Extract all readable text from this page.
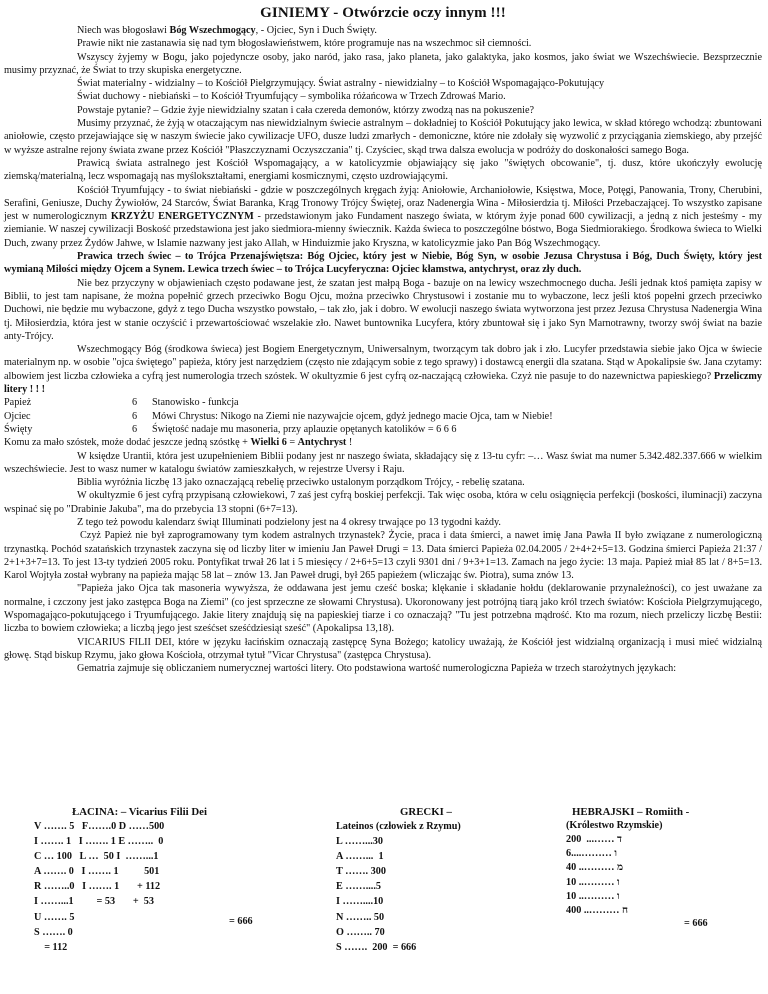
GINIEMY - Otwórzcie oczy innym !!!

Niech was błogosławi Bóg Wszechmogący, - Ojciec, Syn i Duch Święty.

Prawie nikt nie zastanawia się nad tym błogosławieństwem, które programuje nas na wszechmoc sił ciemności.

Wszyscy żyjemy w Bogu, jako pojedyncze osoby, jako naród, jako rasa, jako planeta, jako galaktyka, jako kosmos, jako świat we Wszechświecie. Bezsprzecznie musimy przyznać, że Świat to trzy skupiska energetyczne.

Świat materialny - widzialny – to Kościół Pielgrzymujący. Świat astralny - niewidzialny – to Kościół Wspomagająco-Pokutujący

Świat duchowy - niebiański – to Kościół Tryumfujący – symbolika różańcowa w Trzech Zdrowaś Mario.

Powstaje pytanie? – Gdzie żyje niewidzialny szatan i cała czereda demonów, którzy zwodzą nas na pokuszenie?

Musimy przyznać, że żyją w otaczającym nas niewidzialnym świecie astralnym – dokładniej to Kościół Pokutujący jako lewica, w skład którego wchodzą: zbuntowani aniołowie, często przejawiające się w naszym świecie jako cywilizacje UFO, dusze ludzi zmarłych - demoniczne, które nie zdołały się wyzwolić z przyciągania ziemskiego, aby przejść w wyższe astralne rejony świata zwane przez Kościół "Płaszczyznami Oczyszczania" tj. Czyściec, skąd trwa dalsza ewolucja w podróży do doskonałości samego Boga.

Prawicą świata astralnego jest Kościół Wspomagający, a w katolicyzmie objawiający się jako "świętych obcowanie", tj. dusz, które ukończyły ewolucję ziemską/materialną, lecz wspomagają nas myślokształtami, energiami kosmicznymi, często uzdrowiającymi.

Kościół Tryumfujący - to świat niebiański - gdzie w poszczególnych kręgach żyją: Aniołowie, Archaniołowie, Księstwa, Moce, Potęgi, Panowania, Trony, Cherubini, Serafini, Geniusze, Duchy Żywiołów, 24 Starców, Świat Baranka, Krąg Tronowy Trójcy Świętej, oraz Nadenergia Wina - Miłosierdzia tj. Miłości Przebaczającej. To wszystko zapisane jest w numerologicznym KRZYŻU ENERGETYCZNYM - przedstawionym jako Fundament naszego świata, w którym żyje ponad 600 cywilizacji, a jedną z nich jesteśmy - my ziemianie. W naszej cywilizacji Boskość przedstawiona jest jako siedmiora-mienny świecznik. Każda świeca to poszczególne bóstwo, Boga Siedmiorakiego. Środkowa świeca to Wielki Duch, zwany przez Żydów Jahwe, w Islamie nazwany jest jako Allah, w Hinduizmie jako Kryszna, w katolicyzmie jako Pan Bóg Wszechmogący.

Prawica trzech świec – to Trójca Przenajświętsza: Bóg Ojciec, który jest w Niebie, Bóg Syn, w osobie Jezusa Chrystusa i Bóg, Duch Święty, który jest wymianą Miłości między Ojcem a Synem. Lewica trzech świec – to Trójca Lucyferyczna: Ojciec kłamstwa, antychryst, oraz zły duch.

Nie bez przyczyny w objawieniach często podawane jest, że szatan jest małpą Boga - bazuje on na lewicy wszechmocnego ducha. Jeśli jednak ktoś pamięta zapisy w Biblii, to jest tam napisane, że można popełnić grzech przeciwko Bogu Ojcu, można przeciwko Chrystusowi i zostanie mu to wybaczone, lecz jeśli ktoś popełni grzech przeciwko Duchowi, nie będzie mu wybaczone, gdyż z tego Ducha wszystko powstało, – tak zło, jak i dobro. W ewolucji naszego świata wytworzona jest przez Jezusa Chrystusa Nadenergia Wina tj. Miłosierdzia, która jest w stanie oczyścić i przewartościować wszelakie zło. Nawet buntownika Lucyfera, który zbuntował się i jako Syn Marnotrawny, tworzy swój świat na bazie anty-Trójcy.

Wszechmogący Bóg (środkowa świeca) jest Bogiem Energetycznym, Uniwersalnym, tworzącym tak dobro jak i zło. Lucyfer przedstawia siebie jako Ojca w świecie materialnym np. w osobie "ojca świętego" papieża, który jest narzędziem (często nie zdającym sobie z tego sprawy) i dostawcą energii dla szatana. Stąd w Apokalipsie św. Jana czytamy: albowiem jest liczba człowieka a cyfrą jest numerologia trzech szóstek. W okultyzmie 6 jest cyfrą oz-naczającą człowieka. Czyż nie pasuje to do nazewnictwa papieskiego? Przeliczmy litery ! ! !

Papież	6	Stanowisko - funkcja
Ojciec	6	Mówi Chrystus: Nikogo na Ziemi nie nazywajcie ojcem, gdyż jednego macie Ojca, tam w Niebie!
Święty	6	Świętość nadaje mu masoneria, przy aplauzie opętanych katolików = 6 6 6

Komu za mało szóstek, może dodać jeszcze jedną szóstkę + Wielki 6 = Antychryst !

W księdze Urantii, która jest uzupełnieniem Biblii podany jest nr naszego świata, składający się z 13-tu cyfr: –… Wasz świat ma numer 5.342.482.337.666 w wielkim wszechświecie. Jest to wasz numer w katalogu światów zamieszkałych, w rejestrze Uversy i Raju.

Biblia wyróżnia liczbę 13 jako oznaczającą rebelię przeciwko ustalonym porządkom Trójcy, - rebelię szatana.

W okultyzmie 6 jest cyfrą przypisaną człowiekowi, 7 zaś jest cyfrą boskiej perfekcji. Tak więc osoba, która w celu osiągnięcia perfekcji (boskości, iluminacji) zaczyna wspinać się po "Drabinie Jakuba", ma do przebycia 13 stopni (6+7=13).

Z tego też powodu kalendarz świąt Illuminati podzielony jest na 4 okresy trwające po 13 tygodni każdy.

Czyż Papież nie był zaprogramowany tym kodem astralnych trzynastek? Życie, praca i data śmierci, a nawet imię Jana Pawła II było związane z numerologiczną trzynastką. Pochód szatańskich trzynastek zaczyna się od liczby liter w imieniu Jan Paweł Drugi = 13. Data śmierci Papieża 02.04.2005 / 2+4+2+5=13. Godzina śmierci Papieża 21:37 / 2+1+3+7=13. To jest 13-ty tydzień 2005 roku. Pontyfikat trwał 26 lat i 5 miesięcy / 2+6+5=13 czyli 9301 dni / 9+3+1=13. Zamach na jego życie: 13 maja. Papież miał 85 lat / 8+5=13. Karol Wojtyła został wybrany na papieża mając 58 lat – znów 13. Jan Paweł drugi, był 265 papieżem (wliczając św. Piotra), suma znów 13.

"Papieża jako Ojca tak masoneria wywyższa, że oddawana jest jemu cześć boska; klękanie i składanie hołdu (deklarowanie przynależności), co jest uważane za normalne, i czczony jest jako zastępca Boga na Ziemi" (co jest sprzeczne ze słowami Chrystusa). Ukoronowany jest potrójną tiarą jako król trzech światów: Kościoła Pielgrzymującego, Wspomagająco-pokutującego i Tryumfującego. Jakie litery znajdują się na papieskiej tiarze i co oznaczają? "Tu jest potrzebna mądrość. Kto ma rozum, niech przeliczy liczbę Bestii: liczba to bowiem człowieka; a liczbą jego jest sześćset sześćdziesiąt sześć" (Apokalipsa 13,18).

VICARIUS FILII DEI, które w języku łacińskim oznaczają zastępcę Syna Bożego; katolicy uważają, że Kościół jest widzialną organizacją i musi mieć widzialną głowę. Stąd biskup Rzymu, jako głowa Kościoła, otrzymał tytuł "Vicar Chrystusa" (zastępca Chrystusa).

Gematria zajmuje się obliczaniem numerycznej wartości litery. Oto podstawiona wartość numerologiczna Papieża w trzech starożytnych językach:

ŁACINA: – Vicarius Filii Dei
V ……. 5   F…….0 D ……500
I ……. 1   I ……. 1 E ……..  0
C … 100   L …  50 I  ……...1
A ……. 0   I ……. 1          501
R ……..0   I ……. 1       + 112
I ……...1         = 53       +  53
U ……. 5
S ……. 0
= 112
= 666
GRECKI –
Lateinos (człowiek z Rzymu)
L ……...30
A ……...  1
T ……. 300
E ……....5
I ……....10
N …….. 50
O …….. 70
S …….  200  = 666
HEBRAJSKI – Romiith -
(Królestwo Rzymskie)
ד ……...  200
ו ………....6
מ ……….. 40
ו ……….. 10
ו ……….. 10
ח ……….. 400
= 666
